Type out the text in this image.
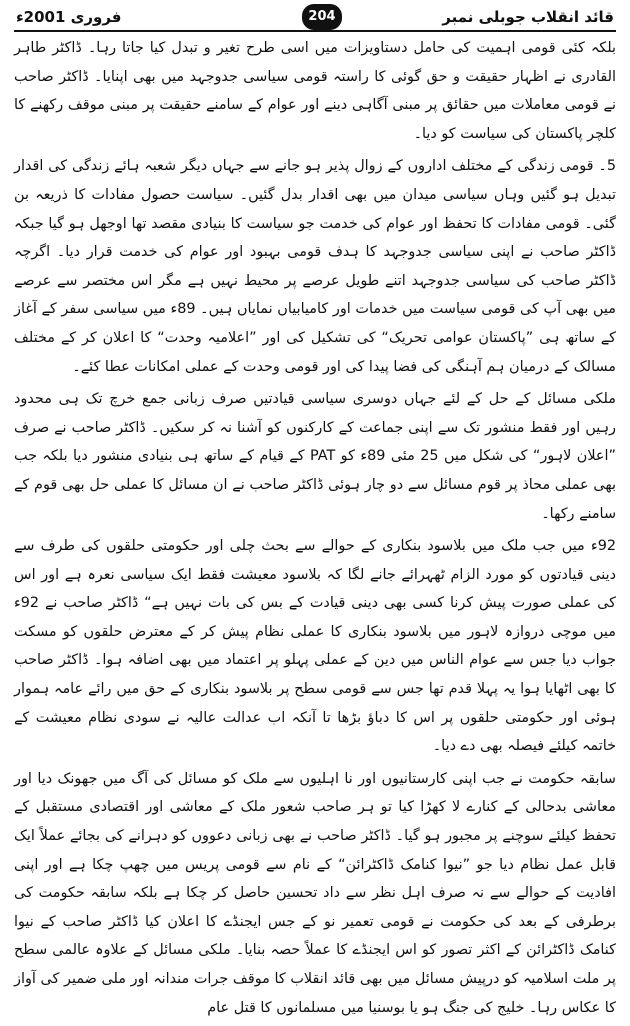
فروری 2001ء	204	قائد انقلاب جوبلی نمبر

بلکہ کئی قومی اہمیت کی حامل دستاویزات میں اسی طرح تغیر و تبدل کیا جاتا رہا۔ ڈاکٹر طاہر القادری نے اظہار حقیقت و حق گوئی کا راستہ قومی سیاسی جدوجہد میں بھی اپنایا۔ ڈاکٹر صاحب نے قومی معاملات میں حقائق پر مبنی آگاہی دینے اور عوام کے سامنے حقیقت پر مبنی موقف رکھنے کا کلچر پاکستان کی سیاست کو دیا۔

5۔ قومی زندگی کے مختلف اداروں کے زوال پذیر ہو جانے سے جہاں دیگر شعبہ ہائے زندگی کی اقدار تبدیل ہو گئیں وہاں سیاسی میدان میں بھی اقدار بدل گئیں۔ سیاست حصول مفادات کا ذریعہ بن گئی۔ قومی مفادات کا تحفظ اور عوام کی خدمت جو سیاست کا بنیادی مقصد تھا اوجھل ہو گیا جبکہ ڈاکٹر صاحب نے اپنی سیاسی جدوجہد کا ہدف قومی بہبود اور عوام کی خدمت قرار دیا۔ اگرچہ ڈاکٹر صاحب کی سیاسی جدوجہد اتنے طویل عرصے پر محیط نہیں ہے مگر اس مختصر سے عرصے میں بھی آپ کی قومی سیاست میں خدمات اور کامیابیاں نمایاں ہیں۔ 89ء میں سیاسی سفر کے آغاز کے ساتھ ہی ”پاکستان عوامی تحریک“ کی تشکیل کی اور ”اعلامیہ وحدت“ کا اعلان کر کے مختلف مسالک کے درمیان ہم آہنگی کی فضا پیدا کی اور قومی وحدت کے عملی امکانات عطا کئے۔

ملکی مسائل کے حل کے لئے جہاں دوسری سیاسی قیادتیں صرف زبانی جمع خرچ تک ہی محدود رہیں اور فقط منشور تک سے اپنی جماعت کے کارکنوں کو آشنا نہ کر سکیں۔ ڈاکٹر صاحب نے صرف ”اعلان لاہور“ کی شکل میں 25 مئی 89ء کو PAT کے قیام کے ساتھ ہی بنیادی منشور دیا بلکہ جب بھی عملی محاذ پر قوم مسائل سے دو چار ہوئی ڈاکٹر صاحب نے ان مسائل کا عملی حل بھی قوم کے سامنے رکھا۔

92ء میں جب ملک میں بلاسود بنکاری کے حوالے سے بحث چلی اور حکومتی حلقوں کی طرف سے دینی قیادتوں کو مورد الزام ٹھہرائے جانے لگا کہ بلاسود معیشت فقط ایک سیاسی نعرہ ہے اور اس کی عملی صورت پیش کرنا کسی بھی دینی قیادت کے بس کی بات نہیں ہے“ ڈاکٹر صاحب نے 92ء میں موچی دروازہ لاہور میں بلاسود بنکاری کا عملی نظام پیش کر کے معترض حلقوں کو مسکت جواب دیا جس سے عوام الناس میں دین کے عملی پہلو پر اعتماد میں بھی اضافہ ہوا۔ ڈاکٹر صاحب کا بھی اٹھایا ہوا یہ پہلا قدم تھا جس سے قومی سطح پر بلاسود بنکاری کے حق میں رائے عامہ ہموار ہوئی اور حکومتی حلقوں پر اس کا دباؤ بڑھا تا آنکہ اب عدالت عالیہ نے سودی نظام معیشت کے خاتمہ کیلئے فیصلہ بھی دے دیا۔

سابقہ حکومت نے جب اپنی کارستانیوں اور نا اہلیوں سے ملک کو مسائل کی آگ میں جھونک دیا اور معاشی بدحالی کے کنارے لا کھڑا کیا تو ہر صاحب شعور ملک کے معاشی اور اقتصادی مستقبل کے تحفظ کیلئے سوچنے پر مجبور ہو گیا۔ ڈاکٹر صاحب نے بھی زبانی دعووں کو دہرانے کی بجائے عملاً ایک قابل عمل نظام دیا جو ”نیوا کنامک ڈاکٹرائن“ کے نام سے قومی پریس میں چھپ چکا ہے اور اپنی افادیت کے حوالے سے نہ صرف اہل نظر سے داد تحسین حاصل کر چکا ہے بلکہ سابقہ حکومت کی برطرفی کے بعد کی حکومت نے قومی تعمیر نو کے جس ایجنڈے کا اعلان کیا ڈاکٹر صاحب کے نیوا کنامک ڈاکٹرائن کے اکثر تصور کو اس ایجنڈے کا عملاً حصہ بنایا۔ ملکی مسائل کے علاوہ عالمی سطح پر ملت اسلامیہ کو درپیش مسائل میں بھی قائد انقلاب کا موقف جرات مندانہ اور ملی ضمیر کی آواز کا عکاس رہا۔ خلیج کی جنگ ہو یا بوسنیا میں مسلمانوں کا قتل عام
